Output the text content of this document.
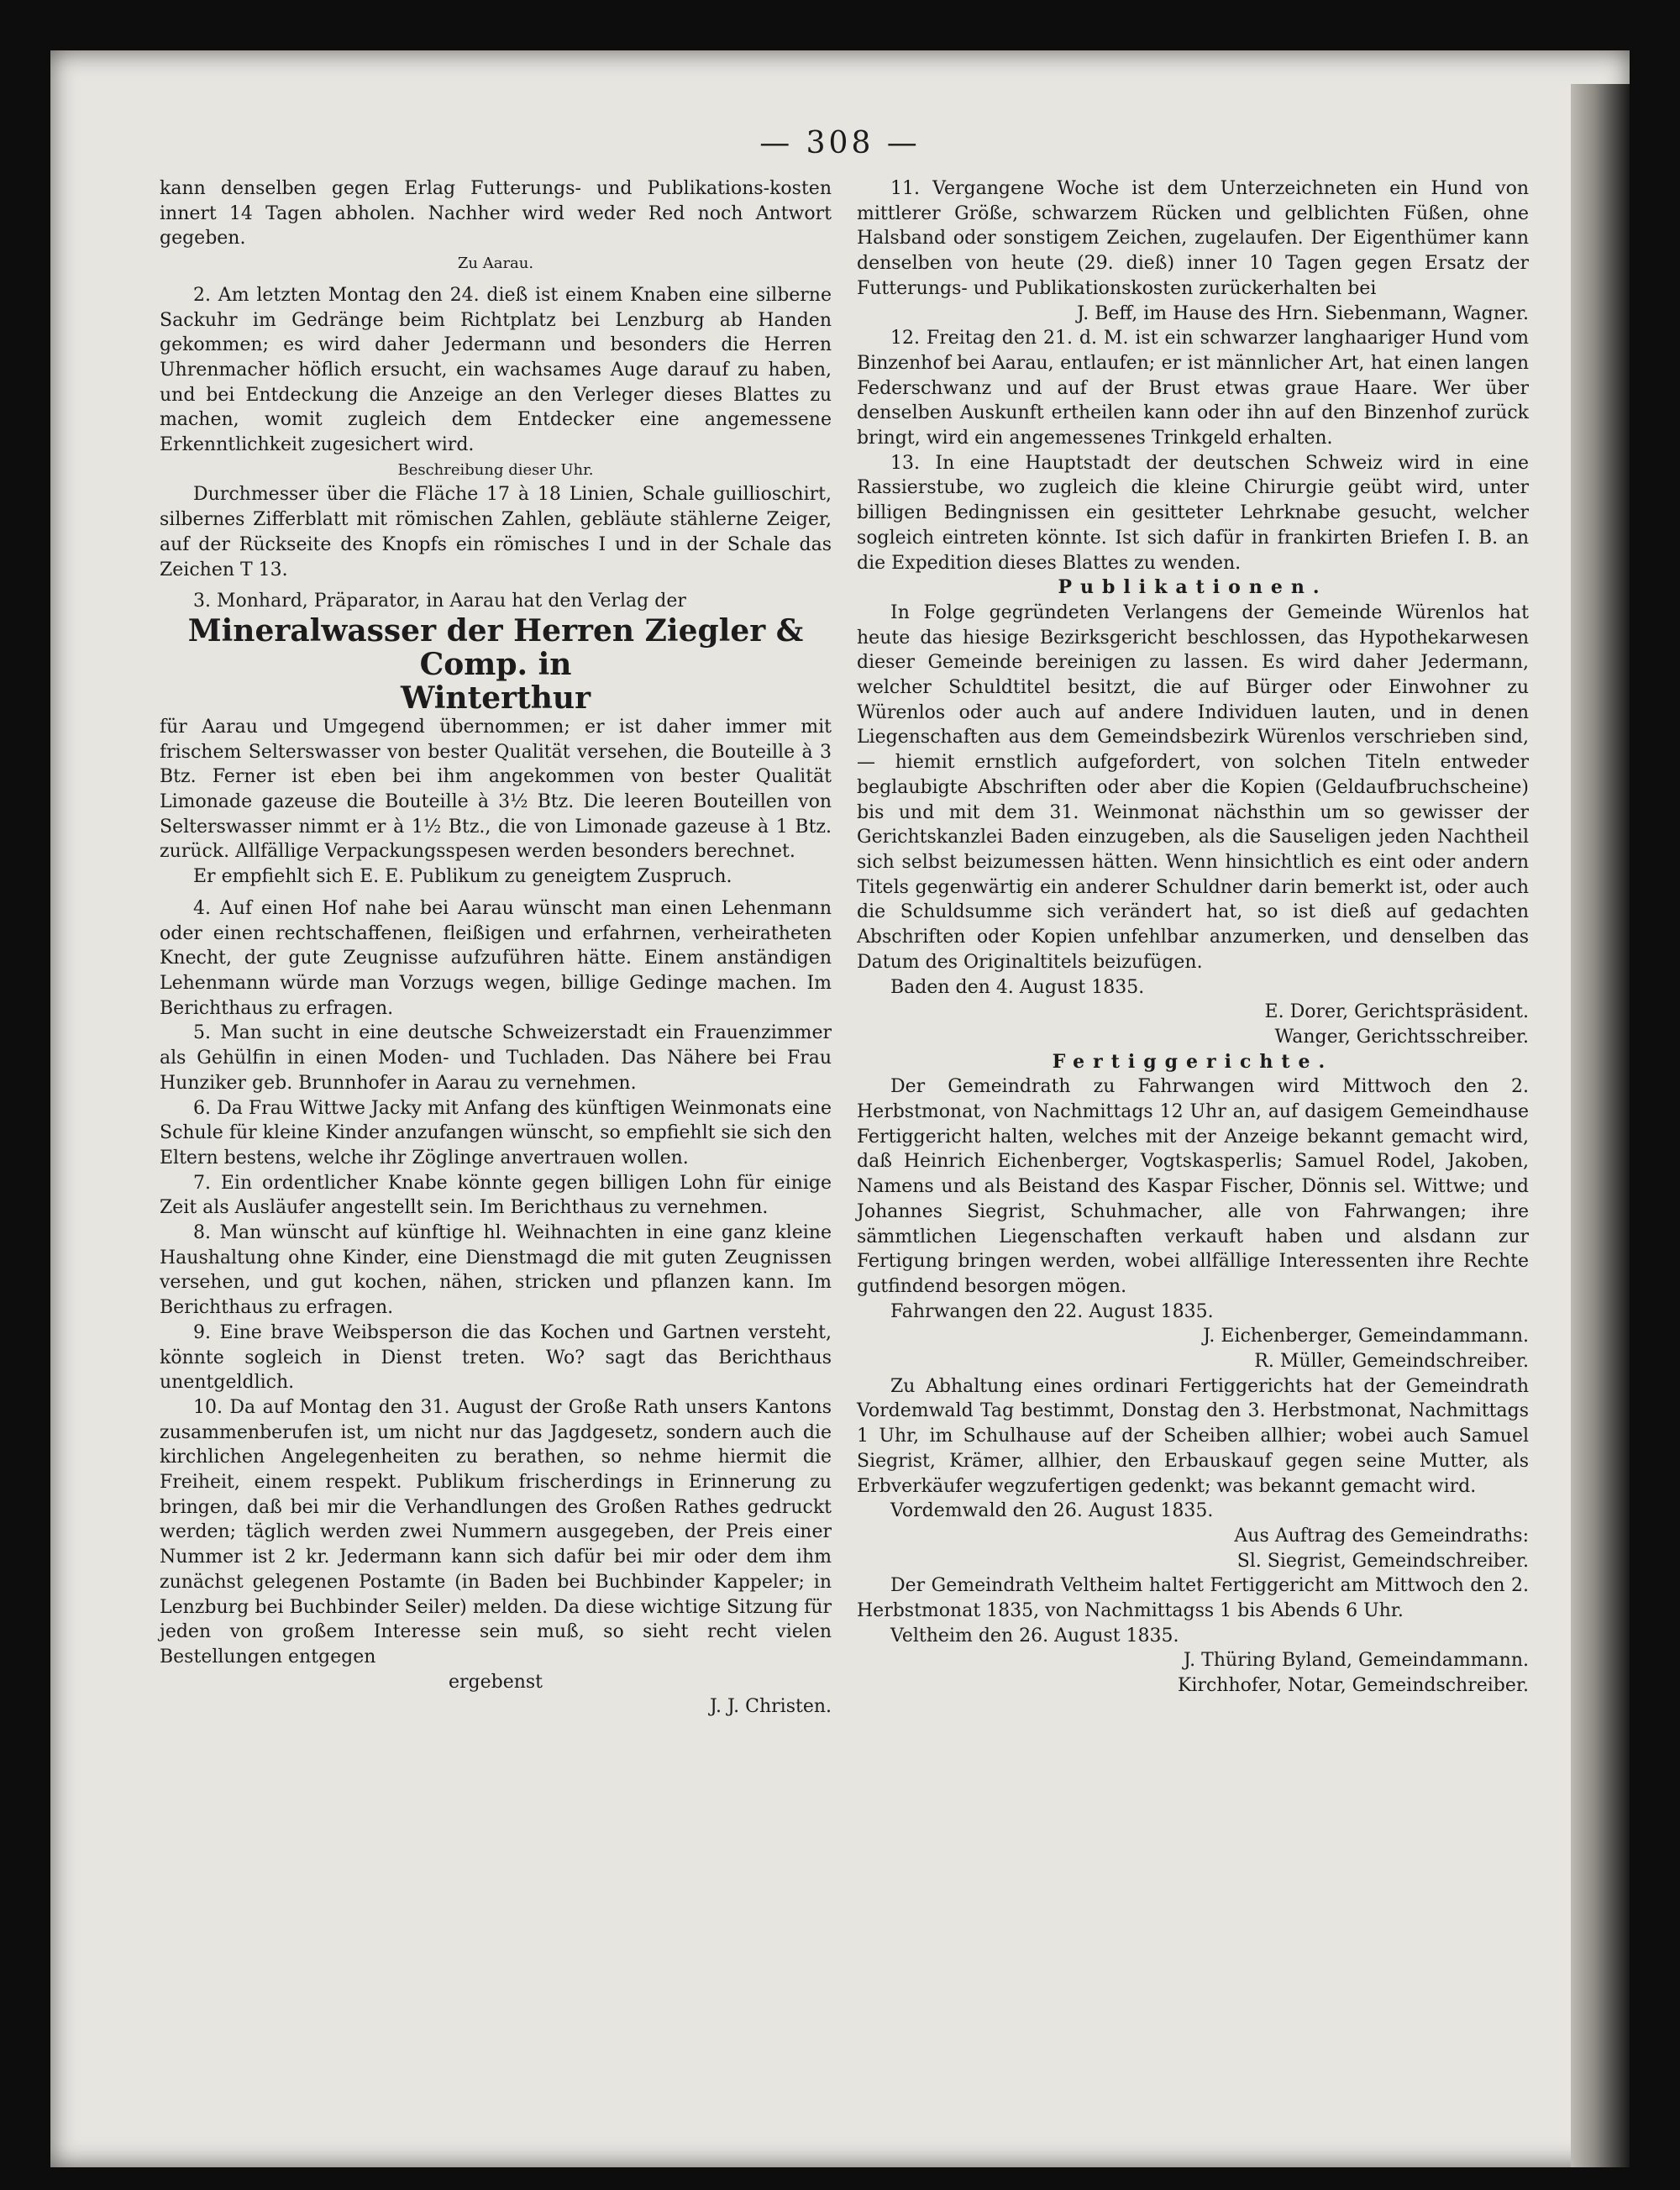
— 308 —

kann denselben gegen Erlag Futterungs- und Publikations-kosten innert 14 Tagen abholen. Nachher wird weder Red noch Antwort gegeben.

Zu Aarau.

2. Am letzten Montag den 24. dieß ist einem Knaben eine silberne Sackuhr im Gedränge beim Richtplatz bei Lenzburg ab Handen gekommen; es wird daher Jedermann und besonders die Herren Uhrenmacher höflich ersucht, ein wachsames Auge darauf zu haben, und bei Entdeckung die Anzeige an den Verleger dieses Blattes zu machen, womit zugleich dem Entdecker eine angemessene Erkenntlichkeit zugesichert wird.

Beschreibung dieser Uhr.

Durchmesser über die Fläche 17 à 18 Linien, Schale guillioschirt, silbernes Zifferblatt mit römischen Zahlen, gebläute stählerne Zeiger, auf der Rückseite des Knopfs ein römisches I und in der Schale das Zeichen T 13.

3. Monhard, Präparator, in Aarau hat den Verlag der

Mineralwasser der Herren Ziegler & Comp. in

Winterthur

für Aarau und Umgegend übernommen; er ist daher immer mit frischem Selterswasser von bester Qualität versehen, die Bouteille à 3 Btz. Ferner ist eben bei ihm angekommen von bester Qualität Limonade gazeuse die Bouteille à 3½ Btz. Die leeren Bouteillen von Selterswasser nimmt er à 1½ Btz., die von Limonade gazeuse à 1 Btz. zurück. Allfällige Verpackungsspesen werden besonders berechnet.

Er empfiehlt sich E. E. Publikum zu geneigtem Zuspruch.

4. Auf einen Hof nahe bei Aarau wünscht man einen Lehenmann oder einen rechtschaffenen, fleißigen und erfahrnen, verheiratheten Knecht, der gute Zeugnisse aufzuführen hätte. Einem anständigen Lehenmann würde man Vorzugs wegen, billige Gedinge machen. Im Berichthaus zu erfragen.

5. Man sucht in eine deutsche Schweizerstadt ein Frauenzimmer als Gehülfin in einen Moden- und Tuchladen. Das Nähere bei Frau Hunziker geb. Brunnhofer in Aarau zu vernehmen.

6. Da Frau Wittwe Jacky mit Anfang des künftigen Weinmonats eine Schule für kleine Kinder anzufangen wünscht, so empfiehlt sie sich den Eltern bestens, welche ihr Zöglinge anvertrauen wollen.

7. Ein ordentlicher Knabe könnte gegen billigen Lohn für einige Zeit als Ausläufer angestellt sein. Im Berichthaus zu vernehmen.

8. Man wünscht auf künftige hl. Weihnachten in eine ganz kleine Haushaltung ohne Kinder, eine Dienstmagd die mit guten Zeugnissen versehen, und gut kochen, nähen, stricken und pflanzen kann. Im Berichthaus zu erfragen.

9. Eine brave Weibsperson die das Kochen und Gartnen versteht, könnte sogleich in Dienst treten. Wo? sagt das Berichthaus unentgeldlich.

10. Da auf Montag den 31. August der Große Rath unsers Kantons zusammenberufen ist, um nicht nur das Jagdgesetz, sondern auch die kirchlichen Angelegenheiten zu berathen, so nehme hiermit die Freiheit, einem respekt. Publikum frischerdings in Erinnerung zu bringen, daß bei mir die Verhandlungen des Großen Rathes gedruckt werden; täglich werden zwei Nummern ausgegeben, der Preis einer Nummer ist 2 kr. Jedermann kann sich dafür bei mir oder dem ihm zunächst gelegenen Postamte (in Baden bei Buchbinder Kappeler; in Lenzburg bei Buchbinder Seiler) melden. Da diese wichtige Sitzung für jeden von großem Interesse sein muß, so sieht recht vielen Bestellungen entgegen

ergebenst

J. J. Christen.

11. Vergangene Woche ist dem Unterzeichneten ein Hund von mittlerer Größe, schwarzem Rücken und gelblichten Füßen, ohne Halsband oder sonstigem Zeichen, zugelaufen. Der Eigenthümer kann denselben von heute (29. dieß) inner 10 Tagen gegen Ersatz der Futterungs- und Publikationskosten zurückerhalten bei

J. Beff, im Hause des Hrn. Siebenmann, Wagner.

12. Freitag den 21. d. M. ist ein schwarzer langhaariger Hund vom Binzenhof bei Aarau, entlaufen; er ist männlicher Art, hat einen langen Federschwanz und auf der Brust etwas graue Haare. Wer über denselben Auskunft ertheilen kann oder ihn auf den Binzenhof zurück bringt, wird ein angemessenes Trinkgeld erhalten.

13. In eine Hauptstadt der deutschen Schweiz wird in eine Rassierstube, wo zugleich die kleine Chirurgie geübt wird, unter billigen Bedingnissen ein gesitteter Lehrknabe gesucht, welcher sogleich eintreten könnte. Ist sich dafür in frankirten Briefen I. B. an die Expedition dieses Blattes zu wenden.

Publikationen.

In Folge gegründeten Verlangens der Gemeinde Würenlos hat heute das hiesige Bezirksgericht beschlossen, das Hypothekarwesen dieser Gemeinde bereinigen zu lassen. Es wird daher Jedermann, welcher Schuldtitel besitzt, die auf Bürger oder Einwohner zu Würenlos oder auch auf andere Individuen lauten, und in denen Liegenschaften aus dem Gemeindsbezirk Würenlos verschrieben sind, — hiemit ernstlich aufgefordert, von solchen Titeln entweder beglaubigte Abschriften oder aber die Kopien (Geldaufbruchscheine) bis und mit dem 31. Weinmonat nächsthin um so gewisser der Gerichtskanzlei Baden einzugeben, als die Sauseligen jeden Nachtheil sich selbst beizumessen hätten. Wenn hinsichtlich es eint oder andern Titels gegenwärtig ein anderer Schuldner darin bemerkt ist, oder auch die Schuldsumme sich verändert hat, so ist dieß auf gedachten Abschriften oder Kopien unfehlbar anzumerken, und denselben das Datum des Originaltitels beizufügen.

Baden den 4. August 1835.

E. Dorer, Gerichtspräsident.

Wanger, Gerichtsschreiber.

Fertiggerichte.

Der Gemeindrath zu Fahrwangen wird Mittwoch den 2. Herbstmonat, von Nachmittags 12 Uhr an, auf dasigem Gemeindhause Fertiggericht halten, welches mit der Anzeige bekannt gemacht wird, daß Heinrich Eichenberger, Vogtskasperlis; Samuel Rodel, Jakoben, Namens und als Beistand des Kaspar Fischer, Dönnis sel. Wittwe; und Johannes Siegrist, Schuhmacher, alle von Fahrwangen; ihre sämmtlichen Liegenschaften verkauft haben und alsdann zur Fertigung bringen werden, wobei allfällige Interessenten ihre Rechte gutfindend besorgen mögen.

Fahrwangen den 22. August 1835.

J. Eichenberger, Gemeindammann.

R. Müller, Gemeindschreiber.

Zu Abhaltung eines ordinari Fertiggerichts hat der Gemeindrath Vordemwald Tag bestimmt, Donstag den 3. Herbstmonat, Nachmittags 1 Uhr, im Schulhause auf der Scheiben allhier; wobei auch Samuel Siegrist, Krämer, allhier, den Erbauskauf gegen seine Mutter, als Erbverkäufer wegzufertigen gedenkt; was bekannt gemacht wird.

Vordemwald den 26. August 1835.

Aus Auftrag des Gemeindraths:

Sl. Siegrist, Gemeindschreiber.

Der Gemeindrath Veltheim haltet Fertiggericht am Mittwoch den 2. Herbstmonat 1835, von Nachmittagss 1 bis Abends 6 Uhr.

Veltheim den 26. August 1835.

J. Thüring Byland, Gemeindammann.

Kirchhofer, Notar, Gemeindschreiber.
